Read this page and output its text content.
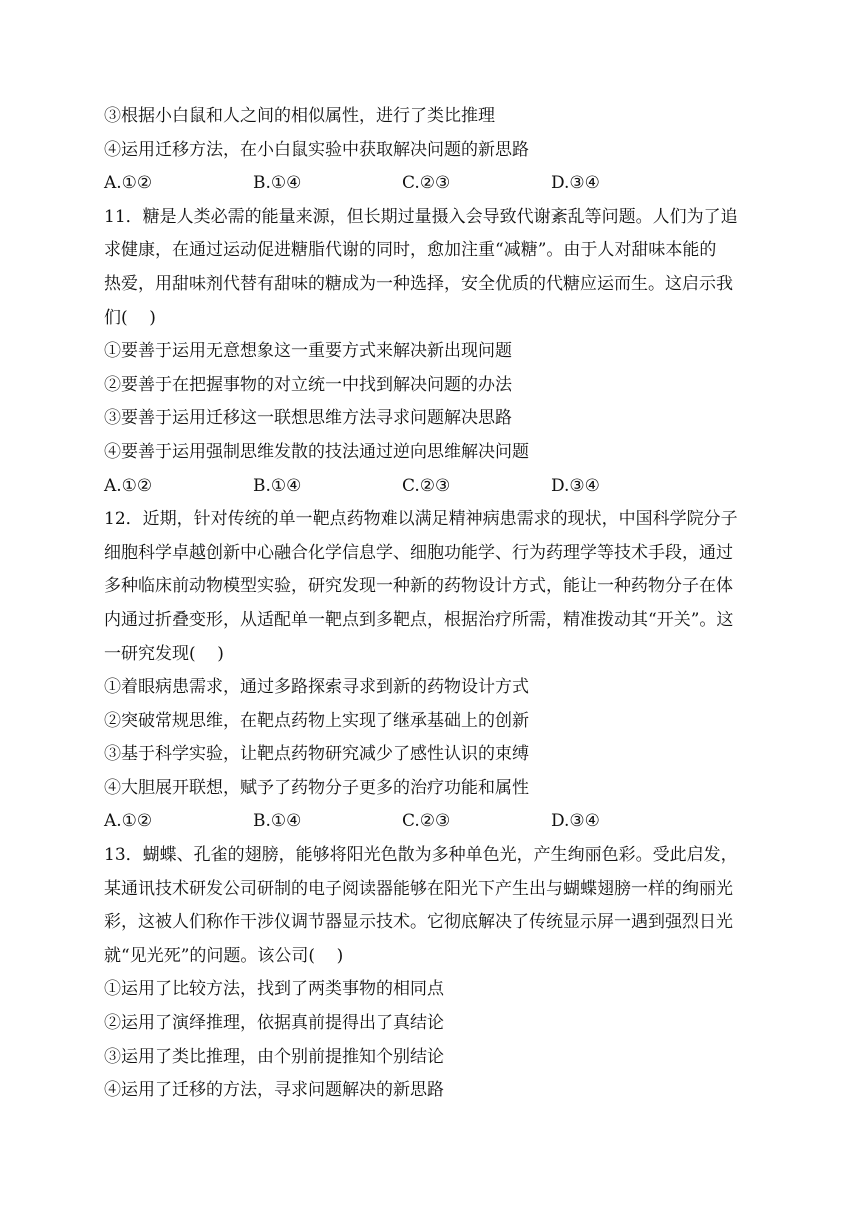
③根据小白鼠和人之间的相似属性，进行了类比推理

④运用迁移方法，在小白鼠实验中获取解决问题的新思路

A.①②	B.①④	C.②③	D.③④

11．糖是人类必需的能量来源，但长期过量摄入会导致代谢紊乱等问题。人们为了追

求健康，在通过运动促进糖脂代谢的同时，愈加注重“减糖”。由于人对甜味本能的

热爱，用甜味剂代替有甜味的糖成为一种选择，安全优质的代糖应运而生。这启示我

们(    )

①要善于运用无意想象这一重要方式来解决新出现问题

②要善于在把握事物的对立统一中找到解决问题的办法

③要善于运用迁移这一联想思维方法寻求问题解决思路

④要善于运用强制思维发散的技法通过逆向思维解决问题

A.①②	B.①④	C.②③	D.③④

12．近期，针对传统的单一靶点药物难以满足精神病患需求的现状，中国科学院分子

细胞科学卓越创新中心融合化学信息学、细胞功能学、行为药理学等技术手段，通过

多种临床前动物模型实验，研究发现一种新的药物设计方式，能让一种药物分子在体

内通过折叠变形，从适配单一靶点到多靶点，根据治疗所需，精准拨动其“开关”。这

一研究发现(    )

①着眼病患需求，通过多路探索寻求到新的药物设计方式

②突破常规思维，在靶点药物上实现了继承基础上的创新

③基于科学实验，让靶点药物研究减少了感性认识的束缚

④大胆展开联想，赋予了药物分子更多的治疗功能和属性

A.①②	B.①④	C.②③	D.③④

13．蝴蝶、孔雀的翅膀，能够将阳光色散为多种单色光，产生绚丽色彩。受此启发，

某通讯技术研发公司研制的电子阅读器能够在阳光下产生出与蝴蝶翅膀一样的绚丽光

彩，这被人们称作干涉仪调节器显示技术。它彻底解决了传统显示屏一遇到强烈日光

就“见光死”的问题。该公司(    )

①运用了比较方法，找到了两类事物的相同点

②运用了演绎推理，依据真前提得出了真结论

③运用了类比推理，由个别前提推知个别结论

④运用了迁移的方法，寻求问题解决的新思路
